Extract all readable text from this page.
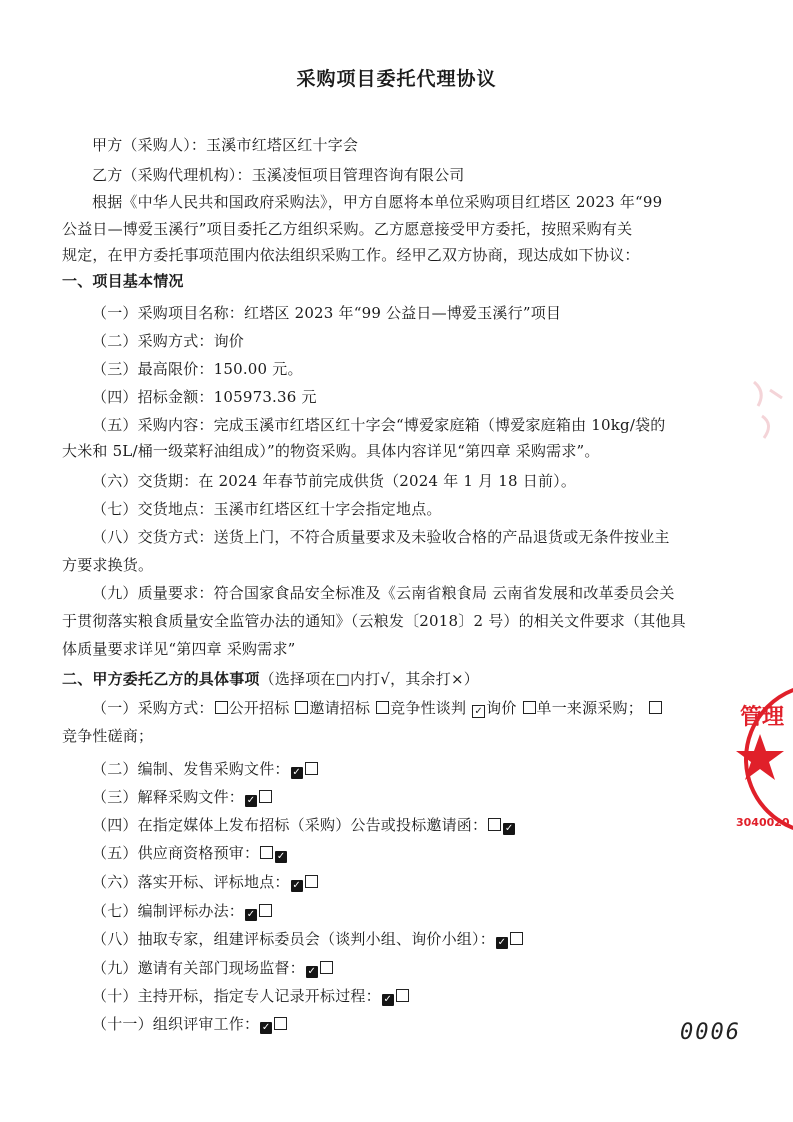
采购项目委托代理协议
甲方（采购人）：玉溪市红塔区红十字会
乙方（采购代理机构）：玉溪凌恒项目管理咨询有限公司
根据《中华人民共和国政府采购法》，甲方自愿将本单位采购项目红塔区 2023 年“99
公益日—博爱玉溪行”项目委托乙方组织采购。乙方愿意接受甲方委托，按照采购有关
规定，在甲方委托事项范围内依法组织采购工作。经甲乙双方协商，现达成如下协议：
一、项目基本情况
（一）采购项目名称：红塔区 2023 年“99 公益日—博爱玉溪行”项目
（二）采购方式：询价
（三）最高限价：150.00 元。
（四）招标金额：105973.36 元
（五）采购内容：完成玉溪市红塔区红十字会“博爱家庭箱（博爱家庭箱由 10kg/袋的
大米和 5L/桶一级菜籽油组成）”的物资采购。具体内容详见“第四章 采购需求”。
（六）交货期：在 2024 年春节前完成供货（2024 年 1 月 18 日前）。
（七）交货地点：玉溪市红塔区红十字会指定地点。
（八）交货方式：送货上门，不符合质量要求及未验收合格的产品退货或无条件按业主
方要求换货。
（九）质量要求：符合国家食品安全标准及《云南省粮食局 云南省发展和改革委员会关
于贯彻落实粮食质量安全监管办法的通知》（云粮发〔2018〕2 号）的相关文件要求（其他具
体质量要求详见“第四章 采购需求”
二、甲方委托乙方的具体事项（选择项在□内打√，其余打×）
（一）采购方式： 公开招标 邀请招标 竞争性谈判 ✓ 询价 单一来源采购；
竞争性磋商；
（二）编制、发售采购文件： ✓
（三）解释采购文件： ✓
（四）在指定媒体上发布招标（采购）公告或投标邀请函： ✓
（五）供应商资格预审： ✓
（六）落实开标、评标地点： ✓
（七）编制评标办法： ✓
（八）抽取专家，组建评标委员会（谈判小组、询价小组）： ✓
（九）邀请有关部门现场监督： ✓
（十）主持开标，指定专人记录开标过程： ✓
（十一）组织评审工作： ✓	0006
管理
3040020
